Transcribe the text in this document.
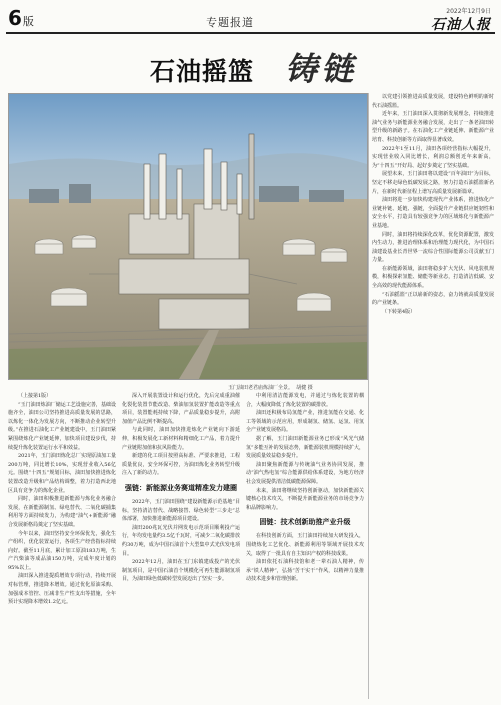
6版	专题报道
2022年12月9日
石油人报
石油摇篮 铸链
玉门油田老君庙炼油厂全景。 胡健 摄
（上接第1版）
“玉门油田炼油厂储运工艺设施完善，基础设施齐全，油田公司坚持推进高质量发展的思路，以炼化一体化为发展方向，不断推动企业转型升级。”在推进石油化工产业链建设中，玉门油田紧紧围绕炼化产业链延伸，加快项目建设步伐，持续提升炼化装置运行水平和效益。
2021年，玉门油田炼化总厂实现原油加工量200万吨，同比增长10%，实现营业收入56亿元。围绕“十四五”规划目标，油田加快推进炼化装置改造升级和产品结构调整，着力打造西北地区具有竞争力的炼化企业。
同时，油田积极推进新能源与炼化业务融合发展，在新能源制氢、绿电替代、二氧化碳捕集利用等方面持续发力，为构建“油气+新能源”融合发展新格局奠定了坚实基础。
今年以来，油田坚持安全环保优先，强化生产组织，优化装置运行，各项生产经营指标持续向好。截至11月底，累计加工原油183万吨，生产汽柴油等成品油150万吨，完成年度计划的95%以上。
油田深入推进提质增效专项行动，持续开展对标管理，推进降本增效。通过优化原油采购、加强成本管控、压减非生产性支出等措施，全年预计实现降本增效1.2亿元。
深入开展装置设计和运行优化，先后完成重油催化裂化装置节能改造、柴油加氢装置扩能改造等重点项目，装置能耗持续下降，产品质量稳步提升，高附加值产品比例不断提高。
与此同时，油田加快推进炼化产业链向下游延伸，积极发展化工新材料和精细化工产品，着力提升产业链附加值和抗风险能力。
新建的化工项目按照高标准、严要求推进，工程质量优良，安全环保可控，为油田炼化业务转型升级注入了新的动力。
强链：新能源业务赛道精准发力建圈
2022年，玉门油田围绕“建设新能源示范基地”目标，坚持清洁替代、战略接替、绿色转型“三步走”总体部署，加快推进新能源项目建设。
油田200兆瓦光伏并网发电示范项目顺利投产运行，年均发电量约3.5亿千瓦时，可减少二氧化碳排放约30万吨，成为中国石油首个大型集中式光伏发电项目。
2022年12月，油田在玉门东镇建成投产的光伏制氢项目，是中国石油首个规模化可再生能源制氢项目，为油田绿色低碳转型发展迈出了坚实一步。
中利用清洁能源发电，并通过与炼化装置的耦合，大幅度降低了炼化装置的碳排放。
油田还积极布局氢能产业，推进氢能在交通、化工等领域的示范应用，形成制氢、储氢、运氢、用氢全产业链发展格局。
据了解，玉门油田新能源业务已形成“风光气储氢”多能互补的发展态势，新能源装机规模持续扩大，发展质量效益稳步提升。
油田聚焦新能源与传统油气业务协同发展，推动“油气热电氢”综合能源供给体系建设，为地方经济社会发展提供清洁低碳能源保障。
未来，油田将继续坚持创新驱动，加快新能源关键核心技术攻关，不断提升新能源业务的市场竞争力和品牌影响力。
固链：技术创新助推产业升级
在科技创新方面，玉门油田持续加大研发投入，围绕炼化工艺优化、新能源利用等领域开展技术攻关，取得了一批具有自主知识产权的科技成果。
油田依托石油科技馆和老一辈石油人精神，传承“铁人精神”，弘扬“苦干实干”作风，以精神力量推动技术进步和管理创新。
以党建引领推进高质量发展，建设特色鲜明的新时代石油摇篮。
近年来，玉门油田深入贯彻新发展理念，持续推进油气业务与新能源业务融合发展，走出了一条老油田转型升级的新路子。在石油化工产业链延伸、新能源产业培育、科技创新等方面取得显著成效。
2022年1至11月，油田各项经营指标大幅提升，实现营业收入同比增长，利润总额创近年来新高，为“十四五”开好局、起好步奠定了坚实基础。
展望未来，玉门油田将以建设“百年油田”为目标，坚定不移走绿色低碳发展之路，努力打造石油摇篮新名片，在新时代新征程上谱写高质量发展新篇章。
油田将进一步加快构建现代产业体系，推进炼化产业链补链、延链、强链，全面提升产业链供应链韧性和安全水平，打造具有较强竞争力的区域炼化与新能源产业基地。
同时，油田将持续深化改革，优化资源配置，激发内生动力，推进治理体系和治理能力现代化，为中国石油建设基业长青世界一流综合性国际能源公司贡献玉门力量。
在新能源领域，油田将稳步扩大光伏、风电装机规模，积极探索氢能、储能等新业态，打造清洁低碳、安全高效的现代能源体系。
“石油摇篮”正以崭新的姿态，奋力铸就高质量发展的产业链条。
（下转第4版）
